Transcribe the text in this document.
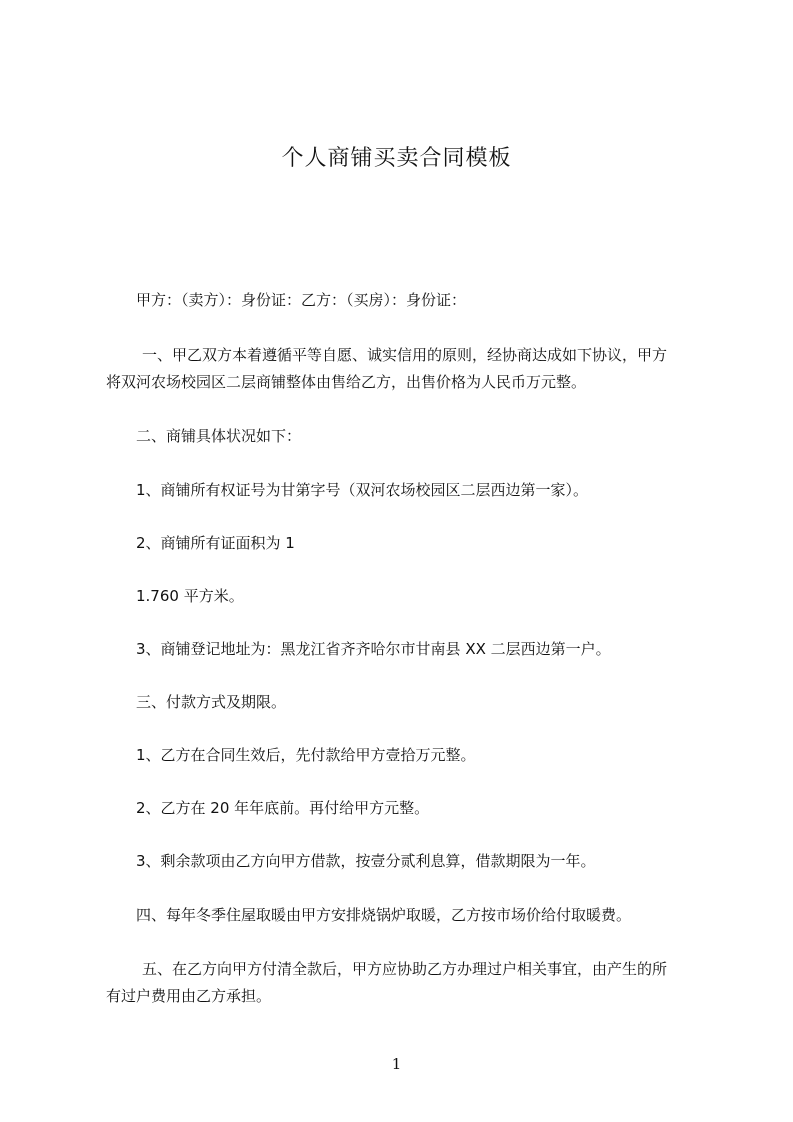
个人商铺买卖合同模板
甲方：（卖方）：身份证：乙方：（买房）：身份证：
一、甲乙双方本着遵循平等自愿、诚实信用的原则，经协商达成如下协议，甲方
将双河农场校园区二层商铺整体由售给乙方，出售价格为人民币万元整。
二、商铺具体状况如下：
1、商铺所有权证号为甘第字号（双河农场校园区二层西边第一家）。
2、商铺所有证面积为 1
1.760 平方米。
3、商铺登记地址为：黑龙江省齐齐哈尔市甘南县 XX 二层西边第一户。
三、付款方式及期限。
1、乙方在合同生效后，先付款给甲方壹拾万元整。
2、乙方在 20 年年底前。再付给甲方元整。
3、剩余款项由乙方向甲方借款，按壹分贰利息算，借款期限为一年。
四、每年冬季住屋取暖由甲方安排烧锅炉取暖，乙方按市场价给付取暖费。
五、在乙方向甲方付清全款后，甲方应协助乙方办理过户相关事宜，由产生的所
有过户费用由乙方承担。
1
